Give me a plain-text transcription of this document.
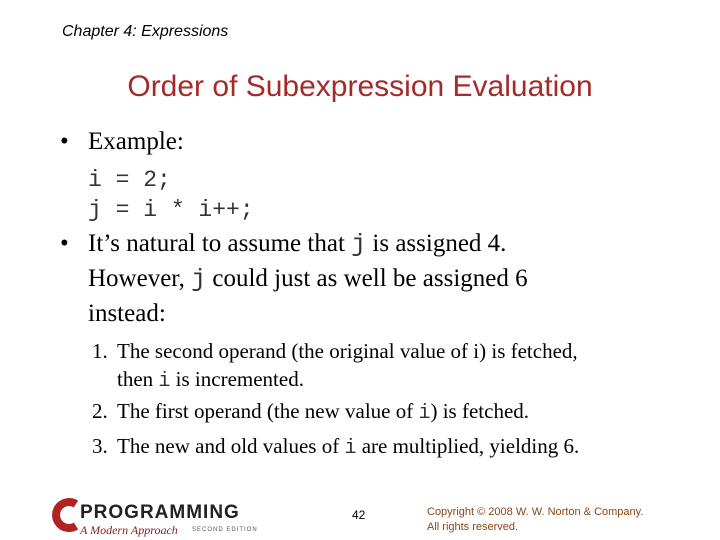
Chapter 4: Expressions
Order of Subexpression Evaluation
• Example:
i = 2;
j = i * i++;
• It’s natural to assume that j is assigned 4.
However, j could just as well be assigned 6
instead:
1. The second operand (the original value of i) is fetched,
then i is incremented.
2. The first operand (the new value of i) is fetched.
3. The new and old values of i are multiplied, yielding 6.
PROGRAMMING
A Modern Approach SECOND EDITION
42	Copyright © 2008 W. W. Norton & Company.
All rights reserved.
